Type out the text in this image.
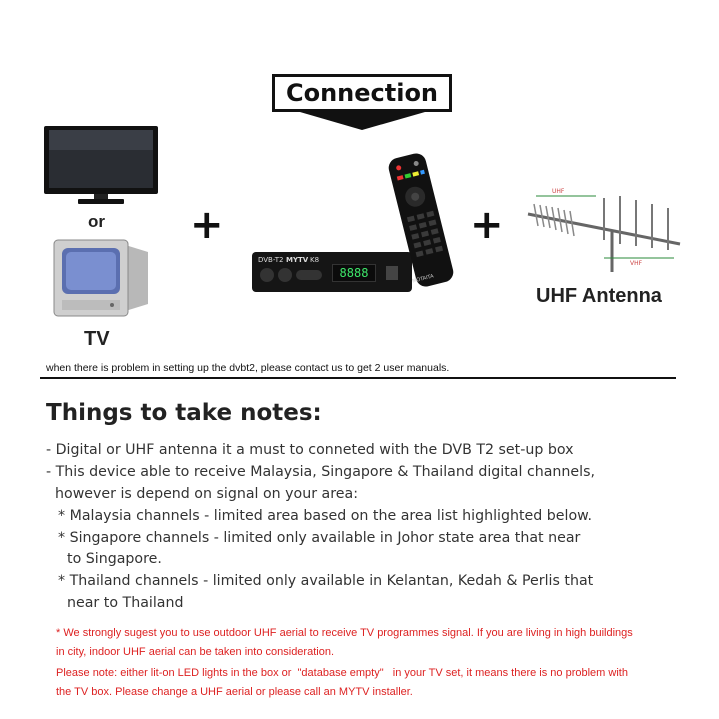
Connection
or
TV
+
DVB-T2 MYTV K8
8888	MOTAITA
+
UHF
VHF
UHF Antenna
when there is problem in setting up the dvbt2, please contact us to get 2 user manuals.
Things to take notes:
- Digital or UHF antenna it a must to conneted with the DVB T2 set-up box
- This device able to receive Malaysia, Singapore & Thailand digital channels,
however is depend on signal on your area:
* Malaysia channels - limited area based on the area list highlighted below.
* Singapore channels - limited only available in Johor state area that near
to Singapore.
* Thailand channels - limited only available in Kelantan, Kedah & Perlis that
near to Thailand
* We strongly sugest you to use outdoor UHF aerial to receive TV programmes signal. If you are living in high buildings
in city, indoor UHF aerial can be taken into consideration.
Please note: either lit-on LED lights in the box or  "database empty"   in your TV set, it means there is no problem with
the TV box. Please change a UHF aerial or please call an MYTV installer.
